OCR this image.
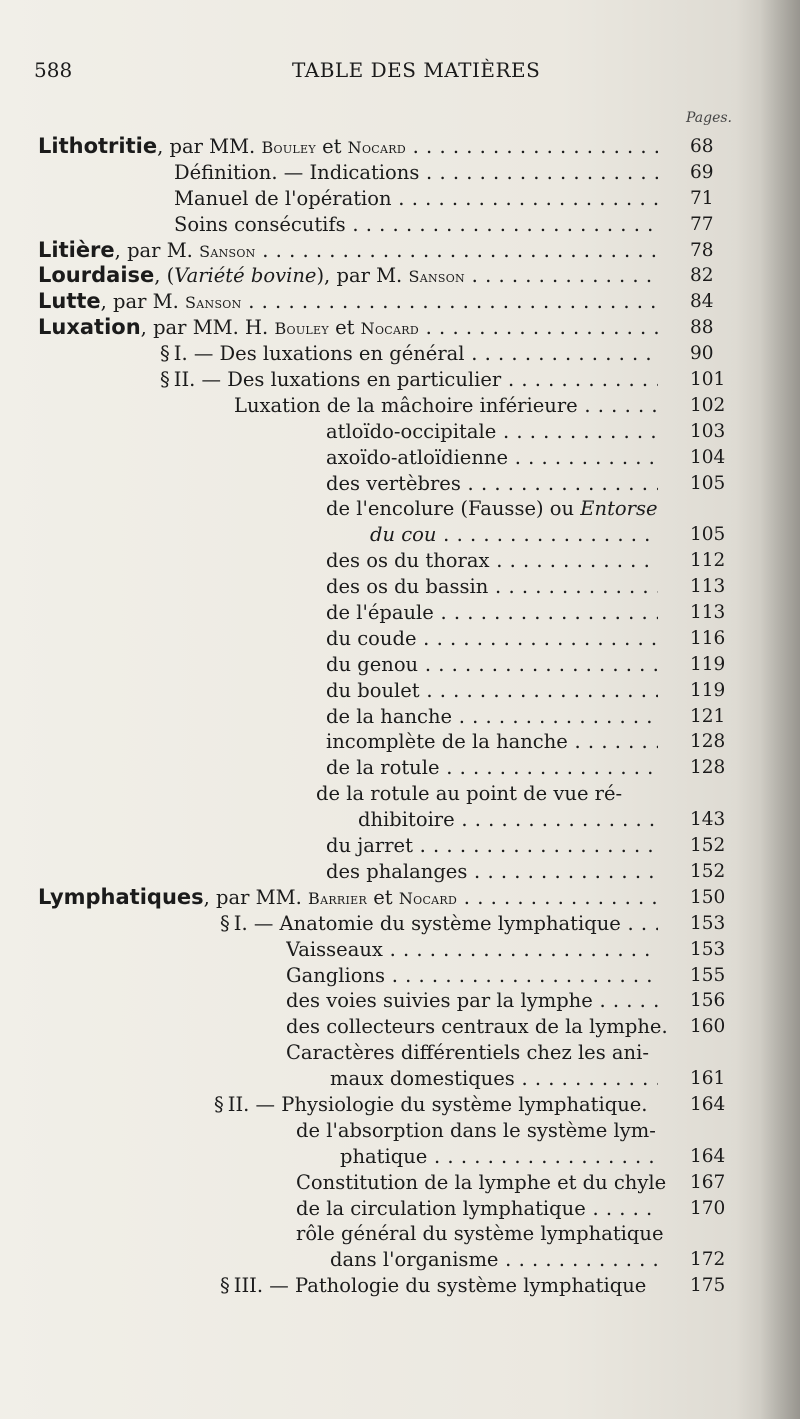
588	TABLE DES MATIÈRES
Pages.
Lithotritie, par MM. Bouley et Nocard . . .	68
Définition. — Indications . . .	69
Manuel de l'opération . . .	71
Soins consécutifs . . .	77
Litière, par M. Sanson . . .	78
Lourdaise, (Variété bovine), par M. Sanson . . .	82
Lutte, par M. Sanson . . .	84
Luxation, par MM. H. Bouley et Nocard . . .	88
§ I. — Des luxations en général . . .	90
§ II. — Des luxations en particulier . . .	101
Luxation de la mâchoire inférieure . . .	102
atloïdo-occipitale . . .	103
axoïdo-atloïdienne . . .	104
des vertèbres . . .	105
de l'encolure (Fausse) ou Entorse
du cou . . .	105
des os du thorax . . .	112
des os du bassin . . .	113
de l'épaule . . .	113
du coude . . .	116
du genou . . .	119
du boulet . . .	119
de la hanche . . .	121
incomplète de la hanche . . .	128
de la rotule . . .	128
de la rotule au point de vue ré-
dhibitoire . . .	143
du jarret . . .	152
des phalanges . . .	152
Lymphatiques, par MM. Barrier et Nocard . . .	150
§ I. — Anatomie du système lymphatique . . .	153
Vaisseaux . . .	153
Ganglions . . .	155
des voies suivies par la lymphe . . .	156
des collecteurs centraux de la lymphe. 160
Caractères différentiels chez les ani-
maux domestiques . . .	161
§ II. — Physiologie du système lymphatique.	164
de l'absorption dans le système lym-
phatique . . .	164
Constitution de la lymphe et du chyle 167
de la circulation lymphatique . . .	170
rôle général du système lymphatique
dans l'organisme . . .	172
§ III. — Pathologie du système lymphatique	175
